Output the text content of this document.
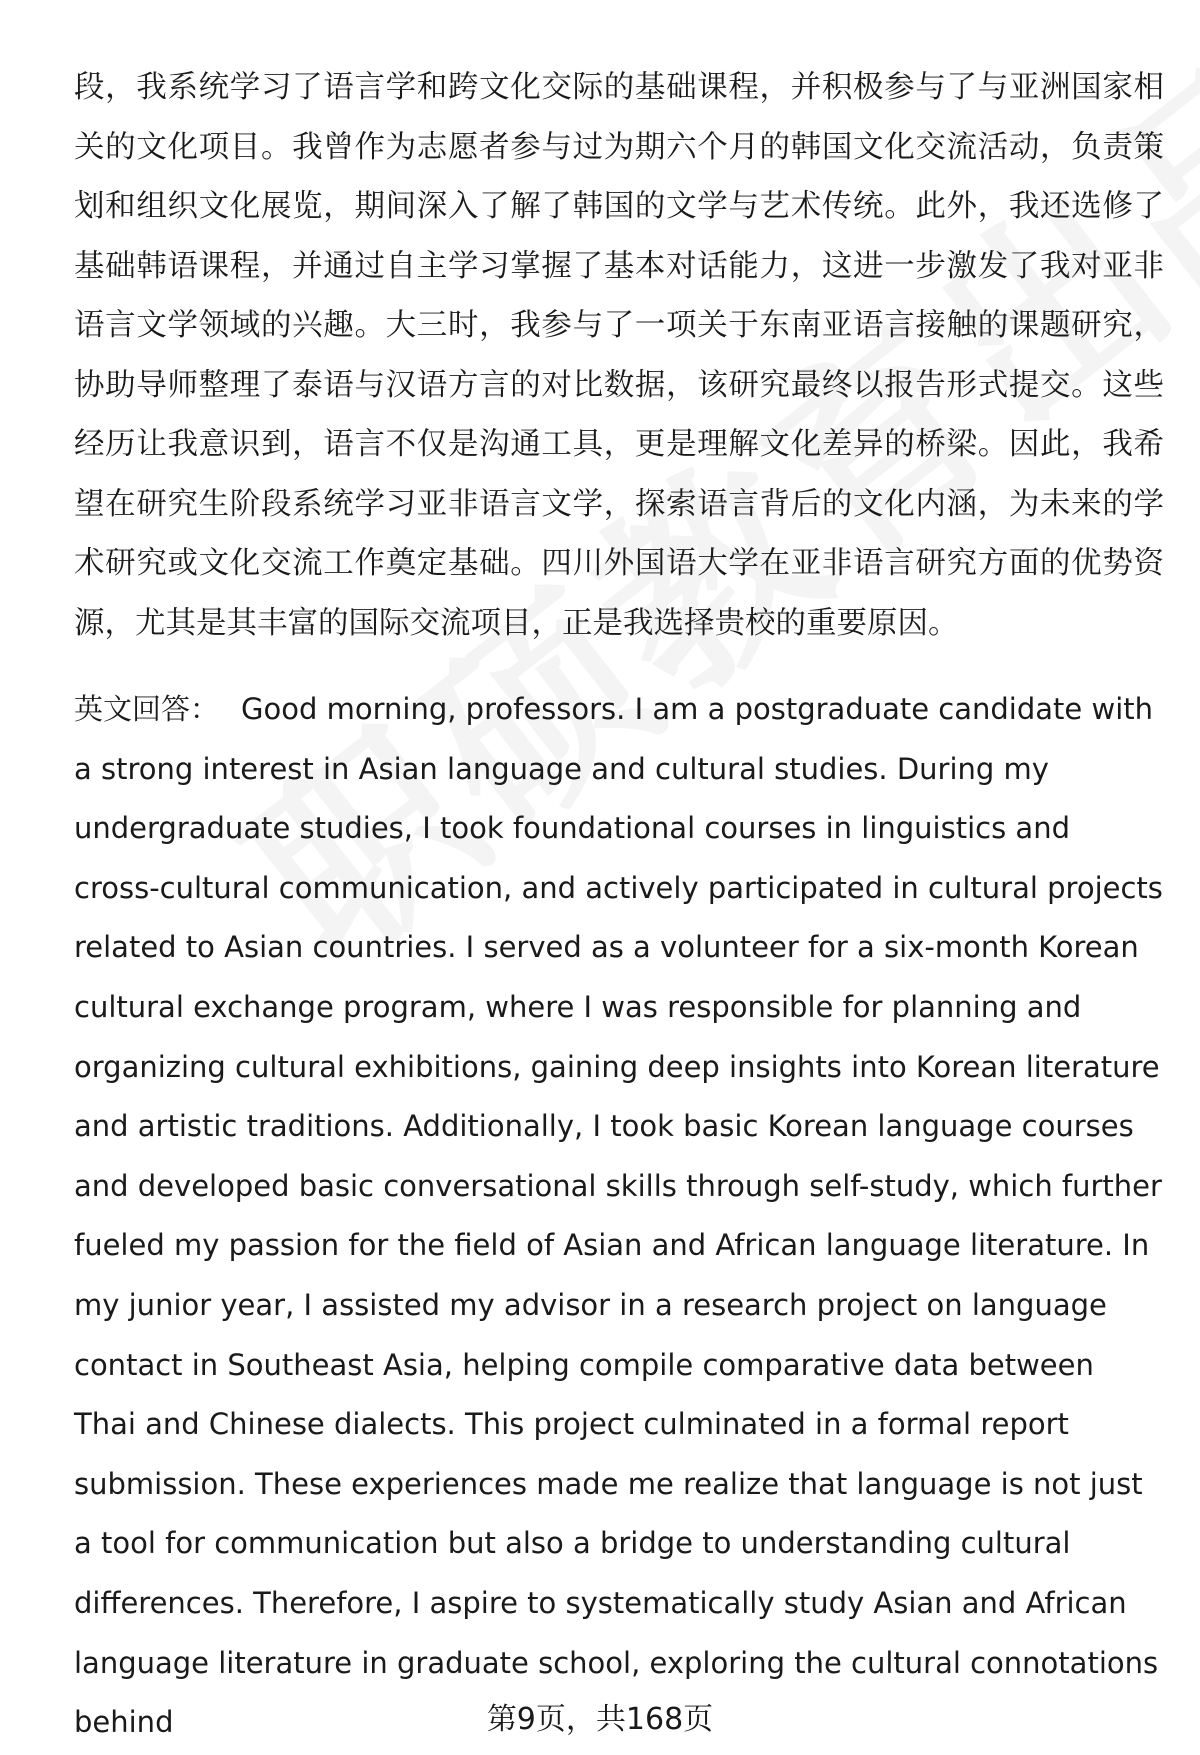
段，我系统学习了语言学和跨文化交际的基础课程，并积极参与了与亚洲国家相关的文化项目。我曾作为志愿者参与过为期六个月的韩国文化交流活动，负责策划和组织文化展览，期间深入了解了韩国的文学与艺术传统。此外，我还选修了基础韩语课程，并通过自主学习掌握了基本对话能力，这进一步激发了我对亚非语言文学领域的兴趣。大三时，我参与了一项关于东南亚语言接触的课题研究，协助导师整理了泰语与汉语方言的对比数据，该研究最终以报告形式提交。这些经历让我意识到，语言不仅是沟通工具，更是理解文化差异的桥梁。因此，我希望在研究生阶段系统学习亚非语言文学，探索语言背后的文化内涵，为未来的学术研究或文化交流工作奠定基础。四川外国语大学在亚非语言研究方面的优势资源，尤其是其丰富的国际交流项目，正是我选择贵校的重要原因。

英文回答： Good morning, professors. I am a postgraduate candidate with a strong interest in Asian language and cultural studies. During my undergraduate studies, I took foundational courses in linguistics and cross-cultural communication, and actively participated in cultural projects related to Asian countries. I served as a volunteer for a six-month Korean cultural exchange program, where I was responsible for planning and organizing cultural exhibitions, gaining deep insights into Korean literature and artistic traditions. Additionally, I took basic Korean language courses and developed basic conversational skills through self-study, which further fueled my passion for the field of Asian and African language literature. In my junior year, I assisted my advisor in a research project on language contact in Southeast Asia, helping compile comparative data between Thai and Chinese dialects. This project culminated in a formal report submission. These experiences made me realize that language is not just a tool for communication but also a bridge to understanding cultural differences. Therefore, I aspire to systematically study Asian and African language literature in graduate school, exploring the cultural connotations behind	第9页，共168页
